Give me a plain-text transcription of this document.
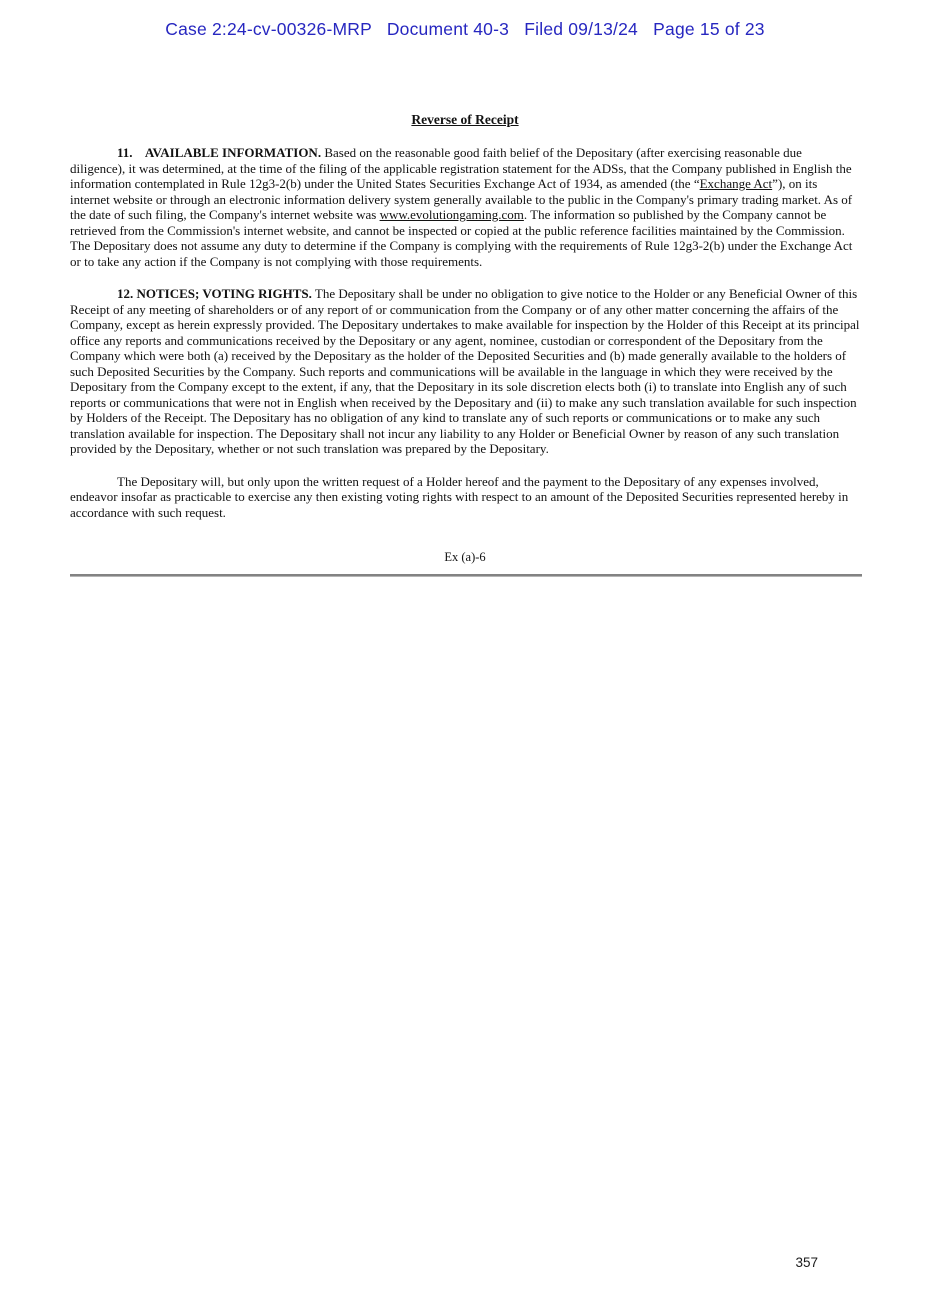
Case 2:24-cv-00326-MRP   Document 40-3   Filed 09/13/24   Page 15 of 23
Reverse of Receipt

11.    AVAILABLE INFORMATION. Based on the reasonable good faith belief of the Depositary (after exercising reasonable due diligence), it was determined, at the time of the filing of the applicable registration statement for the ADSs, that the Company published in English the information contemplated in Rule 12g3-2(b) under the United States Securities Exchange Act of 1934, as amended (the “Exchange Act”), on its internet website or through an electronic information delivery system generally available to the public in the Company's primary trading market. As of the date of such filing, the Company's internet website was www.evolutiongaming.com. The information so published by the Company cannot be retrieved from the Commission's internet website, and cannot be inspected or copied at the public reference facilities maintained by the Commission. The Depositary does not assume any duty to determine if the Company is complying with the requirements of Rule 12g3-2(b) under the Exchange Act or to take any action if the Company is not complying with those requirements.

12. NOTICES; VOTING RIGHTS. The Depositary shall be under no obligation to give notice to the Holder or any Beneficial Owner of this Receipt of any meeting of shareholders or of any report of or communication from the Company or of any other matter concerning the affairs of the Company, except as herein expressly provided. The Depositary undertakes to make available for inspection by the Holder of this Receipt at its principal office any reports and communications received by the Depositary or any agent, nominee, custodian or correspondent of the Depositary from the Company which were both (a) received by the Depositary as the holder of the Deposited Securities and (b) made generally available to the holders of such Deposited Securities by the Company. Such reports and communications will be available in the language in which they were received by the Depositary from the Company except to the extent, if any, that the Depositary in its sole discretion elects both (i) to translate into English any of such reports or communications that were not in English when received by the Depositary and (ii) to make any such translation available for such inspection by Holders of the Receipt. The Depositary has no obligation of any kind to translate any of such reports or communications or to make any such translation available for inspection. The Depositary shall not incur any liability to any Holder or Beneficial Owner by reason of any such translation provided by the Depositary, whether or not such translation was prepared by the Depositary.

The Depositary will, but only upon the written request of a Holder hereof and the payment to the Depositary of any expenses involved, endeavor insofar as practicable to exercise any then existing voting rights with respect to an amount of the Deposited Securities represented hereby in accordance with such request.

Ex (a)-6
357
